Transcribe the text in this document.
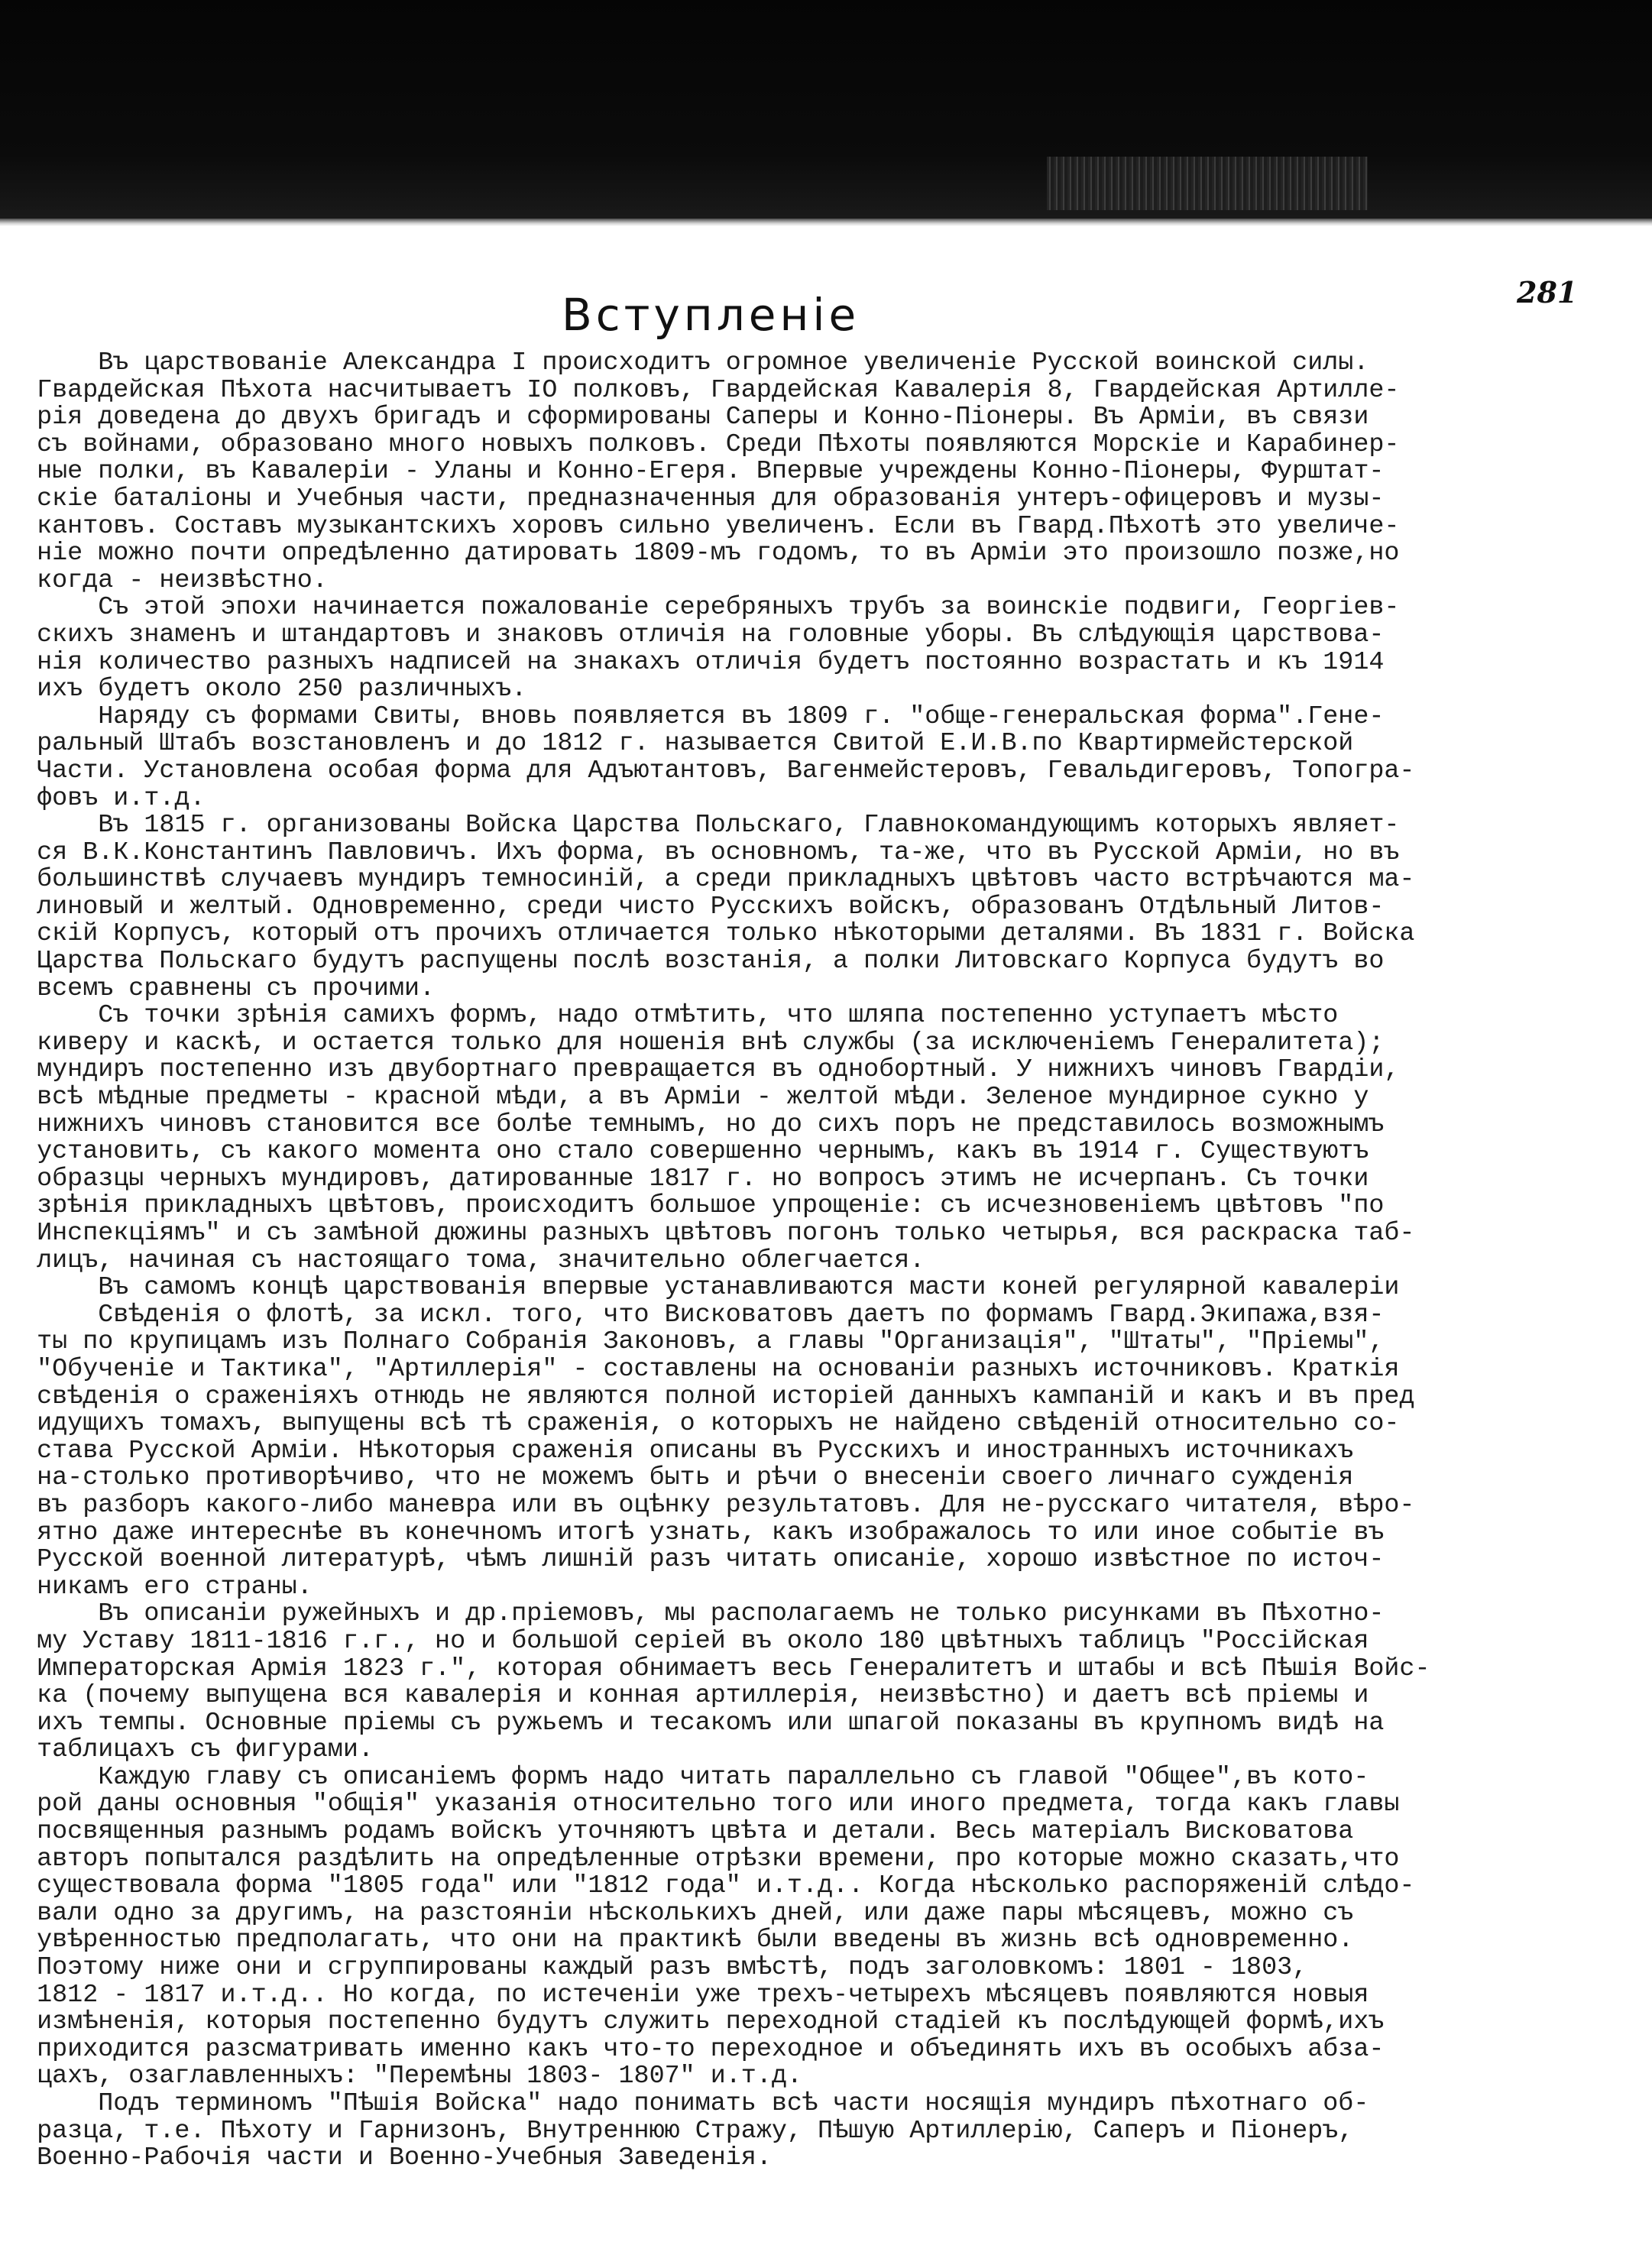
281
Вступленiе
Въ царствованiе Александра I происходитъ огромное увеличенiе Русской воинской силы.
Гвардейская Пѣхота насчитываетъ IO полковъ, Гвардейская Кавалерiя 8, Гвардейская Артилле-
рiя доведена до двухъ бригадъ и сформированы Саперы и Конно-Пiонеры. Въ Армiи, въ связи
съ войнами, образовано много новыхъ полковъ. Среди Пѣхоты появляются Морскiе и Карабинер-
ные полки, въ Кавалерiи - Уланы и Конно-Егеря. Впервые учреждены Конно-Пiонеры, Фурштат-
скiе баталiоны и Учебныя части, предназначенныя для образованiя унтеръ-офицеровъ и музы-
кантовъ. Составъ музыкантскихъ хоровъ сильно увеличенъ. Если въ Гвард.Пѣхотѣ это увеличе-
нiе можно почти опредѣленно датировать 1809-мъ годомъ, то въ Армiи это произошло позже,но
когда - неизвѣстно.
Съ этой эпохи начинается пожалованiе серебряныхъ трубъ за воинскiе подвиги, Георгiев-
скихъ знаменъ и штандартовъ и знаковъ отличiя на головные уборы. Въ слѣдующiя царствова-
нiя количество разныхъ надписей на знакахъ отличiя будетъ постоянно возрастать и къ 1914
ихъ будетъ около 250 различныхъ.
Наряду съ формами Свиты, вновь появляется въ 1809 г. "обще-генеральская форма".Гене-
ральный Штабъ возстановленъ и до 1812 г. называется Свитой Е.И.В.по Квартирмейстерской
Части. Установлена особая форма для Адъютантовъ, Вагенмейстеровъ, Гевальдигеровъ, Топогра-
фовъ и.т.д.
Въ 1815 г. организованы Войска Царства Польскаго, Главнокомандующимъ которыхъ являет-
ся В.К.Константинъ Павловичъ. Ихъ форма, въ основномъ, та-же, что въ Русской Армiи, но въ
большинствѣ случаевъ мундиръ темносинiй, а среди прикладныхъ цвѣтовъ часто встрѣчаются ма-
линовый и желтый. Одновременно, среди чисто Русскихъ войскъ, образованъ Отдѣльный Литов-
скiй Корпусъ, который отъ прочихъ отличается только нѣкоторыми деталями. Въ 1831 г. Войска
Царства Польскаго будутъ распущены послѣ возстанiя, а полки Литовскаго Корпуса будутъ во
всемъ сравнены съ прочими.
Съ точки зрѣнiя самихъ формъ, надо отмѣтить, что шляпа постепенно уступаетъ мѣсто
киверу и каскѣ, и остается только для ношенiя внѣ службы (за исключенiемъ Генералитета);
мундиръ постепенно изъ двубортнаго превращается въ однобортный. У нижнихъ чиновъ Гвардiи,
всѣ мѣдные предметы - красной мѣди, а въ Армiи - желтой мѣди. Зеленое мундирное сукно у
нижнихъ чиновъ становится все болѣе темнымъ, но до сихъ поръ не представилось возможнымъ
установить, съ какого момента оно стало совершенно чернымъ, какъ въ 1914 г. Существуютъ
образцы черныхъ мундировъ, датированные 1817 г. но вопросъ этимъ не исчерпанъ. Съ точки
зрѣнiя прикладныхъ цвѣтовъ, происходитъ большое упрощенiе: съ исчезновенiемъ цвѣтовъ "по
Инспекцiямъ" и съ замѣной дюжины разныхъ цвѣтовъ погонъ только четырья, вся раскраска таб-
лицъ, начиная съ настоящаго тома, значительно облегчается.
Въ самомъ концѣ царствованiя впервые устанавливаются масти коней регулярной кавалерiи
Свѣденiя о флотѣ, за искл. того, что Висковатовъ даетъ по формамъ Гвард.Экипажа,взя-
ты по крупицамъ изъ Полнаго Собранiя Законовъ, а главы "Организацiя", "Штаты", "Прiемы",
"Обученiе и Тактика", "Артиллерiя" - составлены на основанiи разныхъ источниковъ. Краткiя
свѣденiя о сраженiяхъ отнюдь не являются полной исторiей данныхъ кампанiй и какъ и въ пред
идущихъ томахъ, выпущены всѣ тѣ сраженiя, о которыхъ не найдено свѣденiй относительно со-
става Русской Армiи. Нѣкоторыя сраженiя описаны въ Русскихъ и иностранныхъ источникахъ
на-столько противорѣчиво, что не можемъ быть и рѣчи о внесенiи своего личнаго сужденiя
въ разборъ какого-либо маневра или въ оцѣнку результатовъ. Для не-русскаго читателя, вѣро-
ятно даже интереснѣе въ конечномъ итогѣ узнать, какъ изображалось то или иное событiе въ
Русской военной литературѣ, чѣмъ лишнiй разъ читать описанiе, хорошо извѣстное по источ-
никамъ его страны.
Въ описанiи ружейныхъ и др.прiемовъ, мы располагаемъ не только рисунками въ Пѣхотно-
му Уставу 1811-1816 г.г., но и большой серiей въ около 180 цвѣтныхъ таблицъ "Россiйская
Императорская Армiя 1823 г.", которая обнимаетъ весь Генералитетъ и штабы и всѣ Пѣшiя Войс-
ка (почему выпущена вся кавалерiя и конная артиллерiя, неизвѣстно) и даетъ всѣ прiемы и
ихъ темпы. Основные прiемы съ ружьемъ и тесакомъ или шпагой показаны въ крупномъ видѣ на
таблицахъ съ фигурами.
Каждую главу съ описанiемъ формъ надо читать параллельно съ главой "Общее",въ кото-
рой даны основныя "общiя" указанiя относительно того или иного предмета, тогда какъ главы
посвященныя разнымъ родамъ войскъ уточняютъ цвѣта и детали. Весь матерiалъ Висковатова
авторъ попытался раздѣлить на опредѣленные отрѣзки времени, про которые можно сказать,что
существовала форма "1805 года" или "1812 года" и.т.д.. Когда нѣсколько распоряженiй слѣдо-
вали одно за другимъ, на разстоянiи нѣсколькихъ дней, или даже пары мѣсяцевъ, можно съ
увѣренностью предполагать, что они на практикѣ были введены въ жизнь всѣ одновременно.
Поэтому ниже они и сгруппированы каждый разъ вмѣстѣ, подъ заголовкомъ: 1801 - 1803,
1812 - 1817 и.т.д.. Но когда, по истеченiи уже трехъ-четырехъ мѣсяцевъ появляются новыя
измѣненiя, которыя постепенно будутъ служить переходной стадiей къ послѣдующей формѣ,ихъ
приходится разсматривать именно какъ что-то переходное и объединять ихъ въ особыхъ абза-
цахъ, озаглавленныхъ: "Перемѣны 1803- 1807" и.т.д.
Подъ терминомъ "Пѣшiя Войска" надо понимать всѣ части носящiя мундиръ пѣхотнаго об-
разца, т.е. Пѣхоту и Гарнизонъ, Внутреннюю Стражу, Пѣшую Артиллерiю, Саперъ и Пiонеръ,
Военно-Рабочiя части и Военно-Учебныя Заведенiя.
